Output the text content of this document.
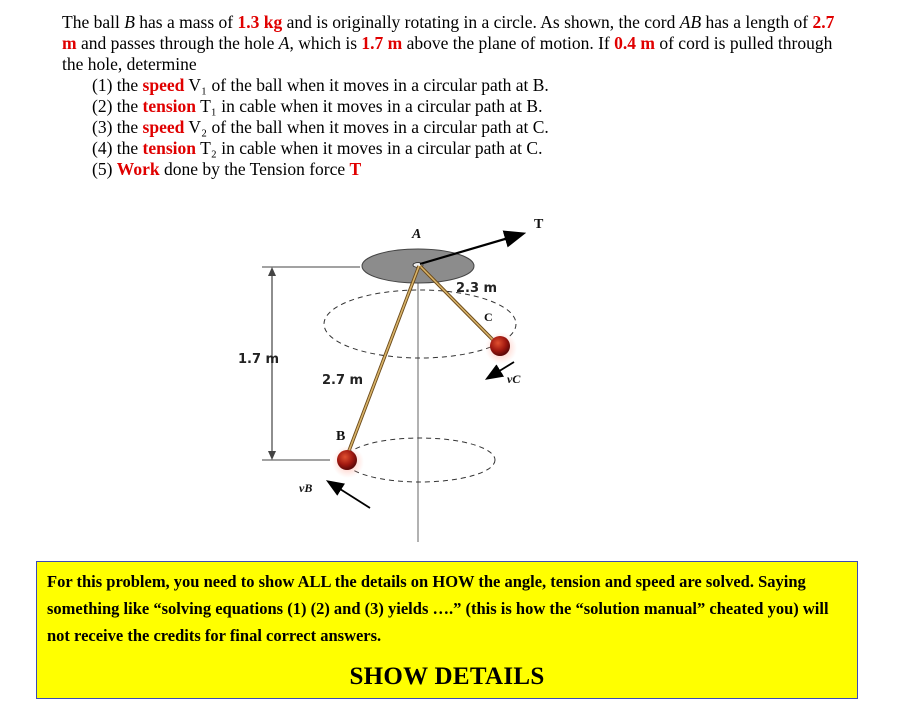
The ball B has a mass of 1.3 kg and is originally rotating in a circle. As shown, the cord AB has a length of 2.7 m and passes through the hole A, which is 1.7 m above the plane of motion. If 0.4 m of cord is pulled through the hole, determine
(1) the speed V₁ of the ball when it moves in a circular path at B.
(2) the tension T₁ in cable when it moves in a circular path at B.
(3) the speed V₂ of the ball when it moves in a circular path at C.
(4) the tension T₂ in cable when it moves in a circular path at C.
(5) Work done by the Tension force T
1.7 m
A
T
2.3 m
C
2.7 m	vC
B
vB
For this problem, you need to show ALL the details on HOW the angle, tension and speed are solved. Saying something like “solving equations (1) (2) and (3) yields ….” (this is how the “solution manual” cheated you) will not receive the credits for final correct answers.
SHOW DETAILS
